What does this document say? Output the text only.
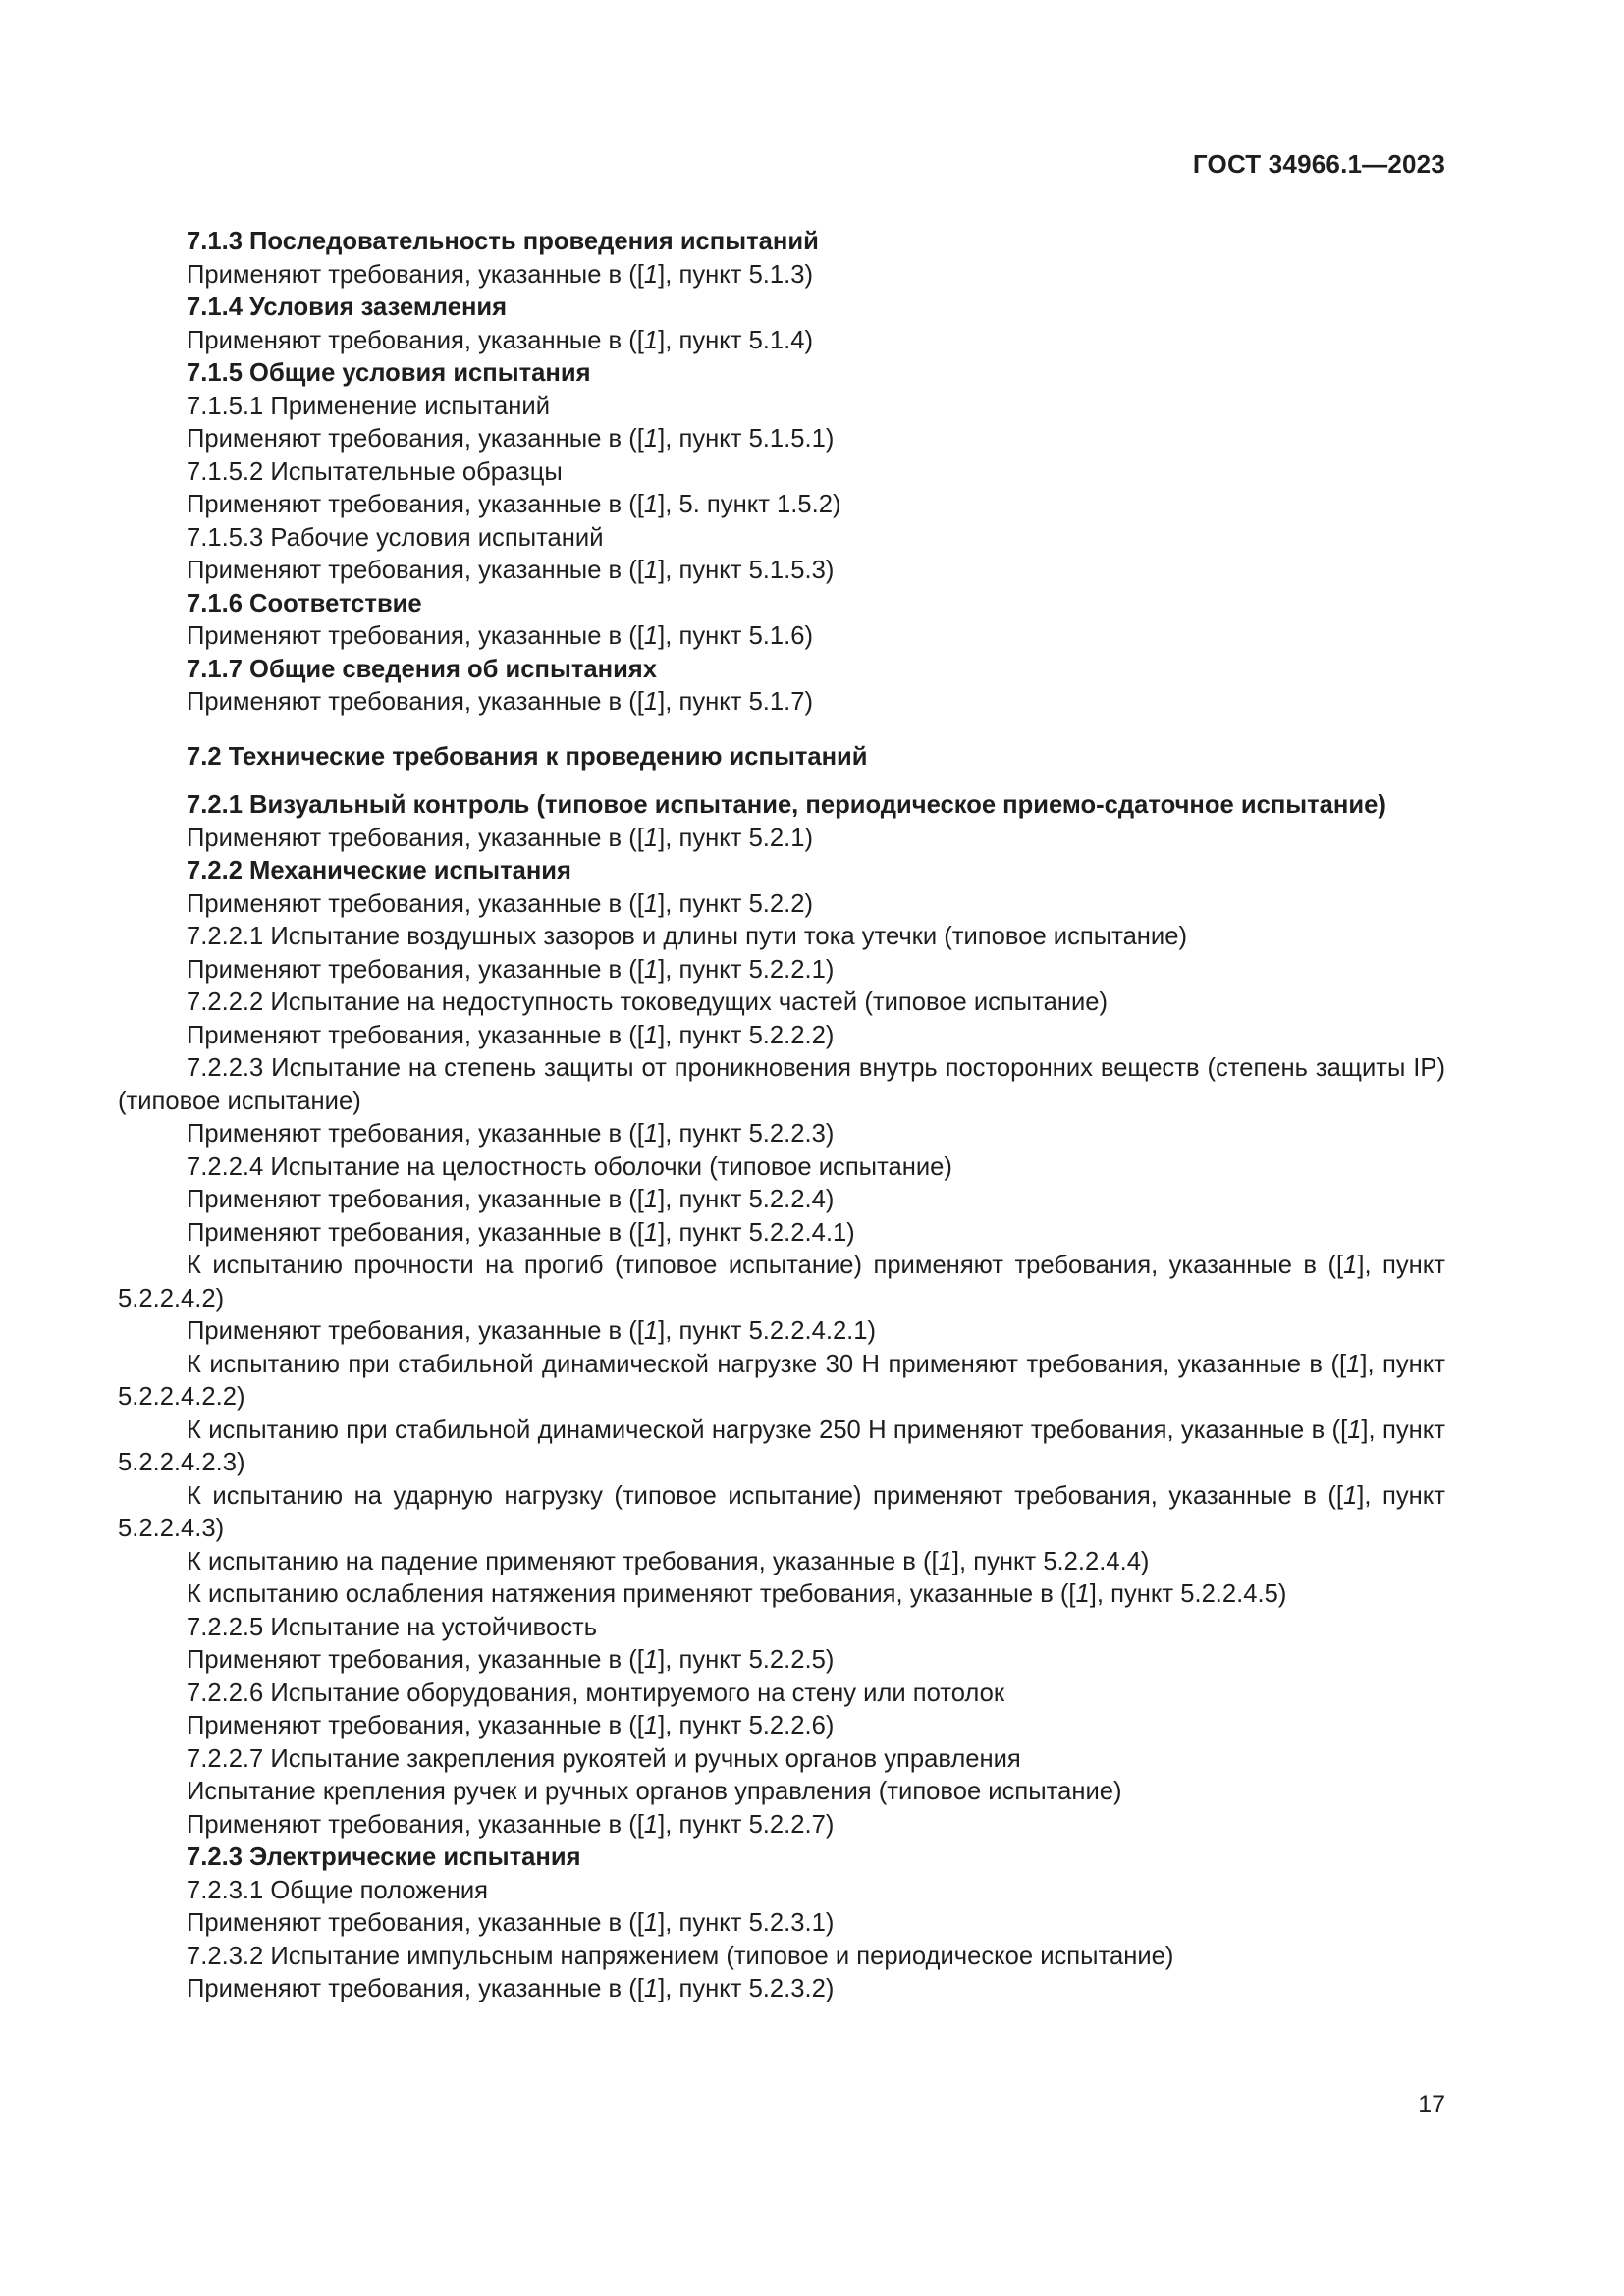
ГОСТ 34966.1—2023

7.1.3 Последовательность проведения испытаний

Применяют требования, указанные в ([1], пункт 5.1.3)

7.1.4 Условия заземления

Применяют требования, указанные в ([1], пункт 5.1.4)

7.1.5 Общие условия испытания

7.1.5.1 Применение испытаний

Применяют требования, указанные в ([1], пункт 5.1.5.1)

7.1.5.2 Испытательные образцы

Применяют требования, указанные в ([1], 5. пункт 1.5.2)

7.1.5.3 Рабочие условия испытаний

Применяют требования, указанные в ([1], пункт 5.1.5.3)

7.1.6 Соответствие

Применяют требования, указанные в ([1], пункт 5.1.6)

7.1.7 Общие сведения об испытаниях

Применяют требования, указанные в ([1], пункт 5.1.7)

7.2 Технические требования к проведению испытаний

7.2.1 Визуальный контроль (типовое испытание, периодическое приемо-сдаточное испытание)

Применяют требования, указанные в ([1], пункт 5.2.1)

7.2.2 Механические испытания

Применяют требования, указанные в ([1], пункт 5.2.2)

7.2.2.1 Испытание воздушных зазоров и длины пути тока утечки (типовое испытание)

Применяют требования, указанные в ([1], пункт 5.2.2.1)

7.2.2.2 Испытание на недоступность токоведущих частей (типовое испытание)

Применяют требования, указанные в ([1], пункт 5.2.2.2)

7.2.2.3 Испытание на степень защиты от проникновения внутрь посторонних веществ (степень защиты IP) (типовое испытание)

Применяют требования, указанные в ([1], пункт 5.2.2.3)

7.2.2.4 Испытание на целостность оболочки (типовое испытание)

Применяют требования, указанные в ([1], пункт 5.2.2.4)

Применяют требования, указанные в ([1], пункт 5.2.2.4.1)

К испытанию прочности на прогиб (типовое испытание) применяют требования, указанные в ([1], пункт 5.2.2.4.2)

Применяют требования, указанные в ([1], пункт 5.2.2.4.2.1)

К испытанию при стабильной динамической нагрузке 30 Н применяют требования, указанные в ([1], пункт 5.2.2.4.2.2)

К испытанию при стабильной динамической нагрузке 250 Н применяют требования, указанные в ([1], пункт 5.2.2.4.2.3)

К испытанию на ударную нагрузку (типовое испытание) применяют требования, указанные в ([1], пункт 5.2.2.4.3)

К испытанию на падение применяют требования, указанные в ([1], пункт 5.2.2.4.4)

К испытанию ослабления натяжения применяют требования, указанные в ([1], пункт 5.2.2.4.5)

7.2.2.5 Испытание на устойчивость

Применяют требования, указанные в ([1], пункт 5.2.2.5)

7.2.2.6 Испытание оборудования, монтируемого на стену или потолок

Применяют требования, указанные в ([1], пункт 5.2.2.6)

7.2.2.7 Испытание закрепления рукоятей и ручных органов управления

Испытание крепления ручек и ручных органов управления (типовое испытание)

Применяют требования, указанные в ([1], пункт 5.2.2.7)

7.2.3 Электрические испытания

7.2.3.1 Общие положения

Применяют требования, указанные в ([1], пункт 5.2.3.1)

7.2.3.2 Испытание импульсным напряжением (типовое и периодическое испытание)

Применяют требования, указанные в ([1], пункт 5.2.3.2)

17
